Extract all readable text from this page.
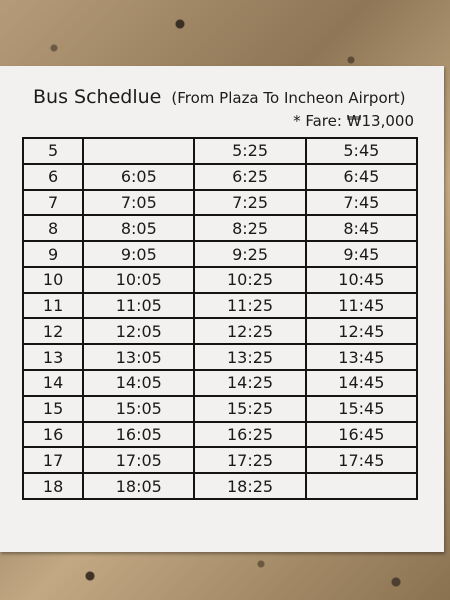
Bus Schedlue (From Plaza To Incheon Airport)
* Fare: ₩13,000
5		5:25	5:45
6	6:05	6:25	6:45
7	7:05	7:25	7:45
8	8:05	8:25	8:45
9	9:05	9:25	9:45
10	10:05	10:25	10:45
11	11:05	11:25	11:45
12	12:05	12:25	12:45
13	13:05	13:25	13:45
14	14:05	14:25	14:45
15	15:05	15:25	15:45
16	16:05	16:25	16:45
17	17:05	17:25	17:45
18	18:05	18:25	
